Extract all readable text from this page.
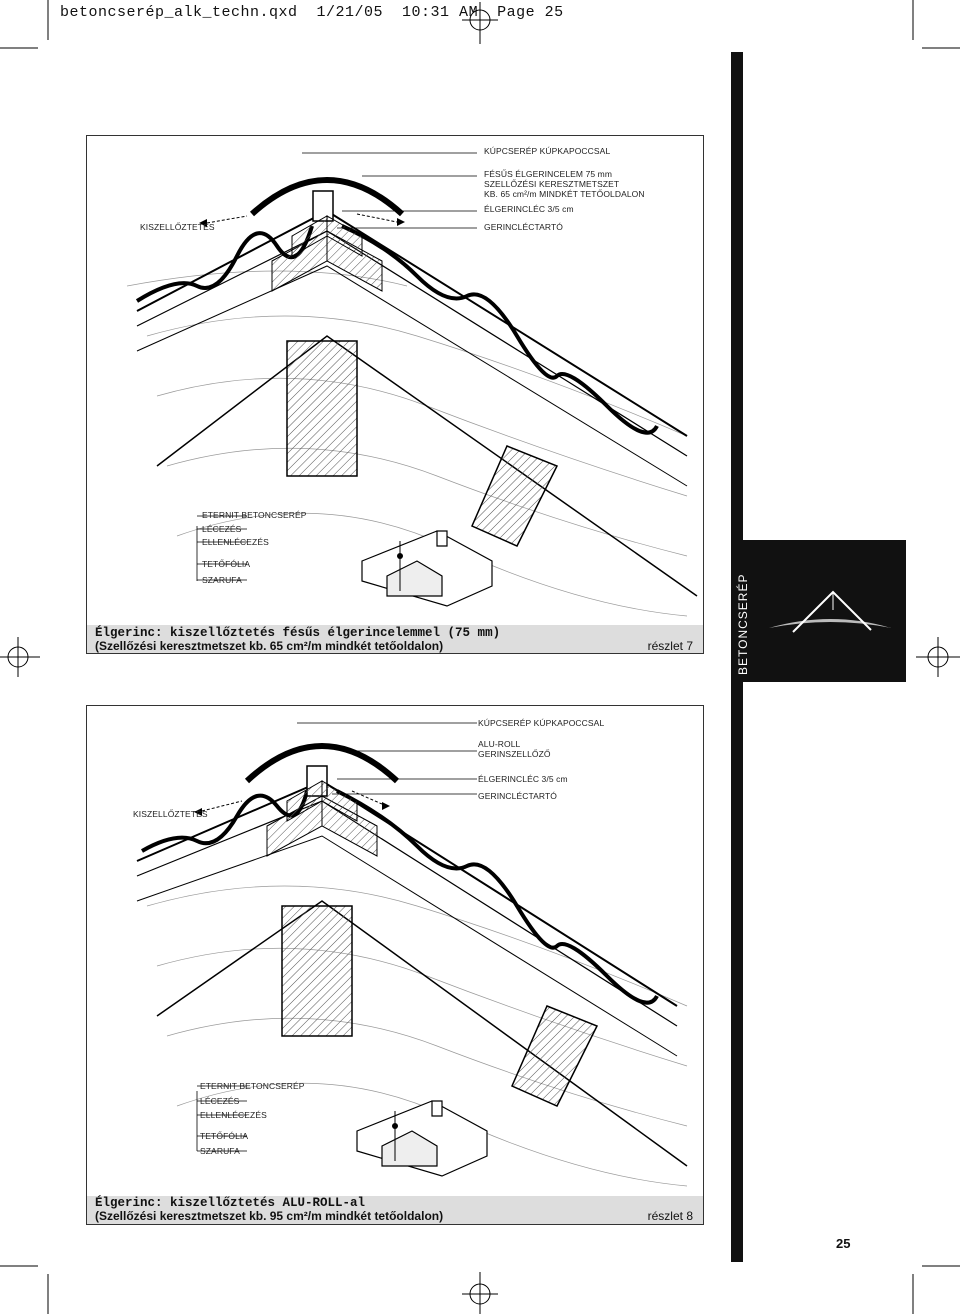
betoncserép_alk_techn.qxd  1/21/05  10:31 AM  Page 25
BETONCSERÉP
KISZELLŐZTETÉS
KÚPCSERÉP KÚPKAPOCCSAL
FÉSŰS ÉLGERINCELEM 75 mm
SZELLŐZÉSI KERESZTMETSZET
KB. 65 cm²/m MINDKÉT TETŐOLDALON
ÉLGERINCLÉC 3/5 cm
GERINCLÉCTARTÓ
ETERNIT BETONCSERÉP
LÉCEZÉS
ELLENLÉCEZÉS
TETŐFÓLIA
SZARUFA
Élgerinc: kiszellőztetés fésűs élgerincelemmel (75 mm)
(Szellőzési keresztmetszet kb. 65 cm²/m mindkét tetőoldalon)	részlet 7
KISZELLŐZTETÉS
KÚPCSERÉP KÚPKAPOCCSAL
ALU-ROLL
GERINSZELLŐZŐ
ÉLGERINCLÉC 3/5 cm
GERINCLÉCTARTÓ
ETERNIT BETONCSERÉP
LÉCEZÉS
ELLENLÉCEZÉS
TETŐFÓLIA
SZARUFA
Élgerinc: kiszellőztetés ALU-ROLL-al
(Szellőzési keresztmetszet kb. 95 cm²/m mindkét tetőoldalon)	részlet 8
25
